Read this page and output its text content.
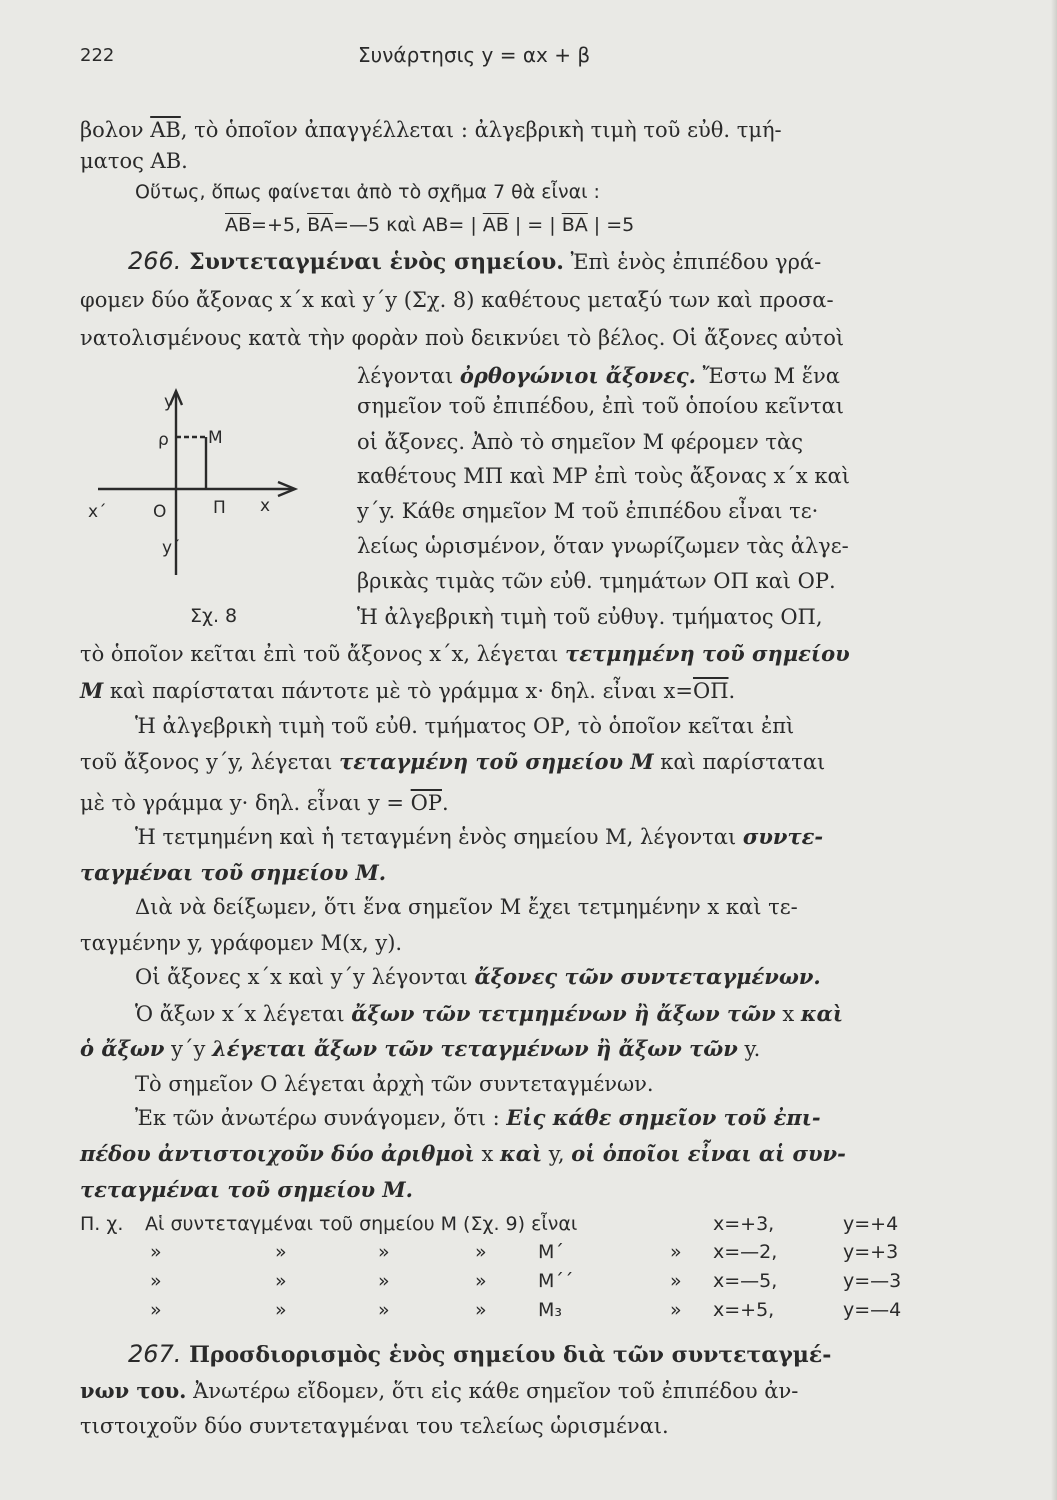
222	Συνάρτησις y = αx + β
βολον $\overline{AB}$, τὸ ὁποῖον ἀπαγγέλλεται : ἀλγεβρικὴ τιμὴ τοῦ εὐθ. τμή-
ματος ΑΒ.
Οὕτως, ὅπως φαίνεται ἀπὸ τὸ σχῆμα 7 θὰ εἶναι :
$\overline{AB}=+5$, $\overline{BA}=—5$ καὶ ΑΒ= | $\overline{AB}$ | = | $\overline{BA}$ | =5
266. Συντεταγμέναι ἑνὸς σημείου. Ἐπὶ ἑνὸς ἐπιπέδου γρά-
φομεν δύο ἄξονας x΄x καὶ y΄y (Σχ. 8) καθέτους μεταξύ των καὶ προσα-
νατολισμένους κατὰ τὴν φορὰν ποὺ δεικνύει τὸ βέλος. Οἱ ἄξονες αὐτοὶ
λέγονται ὀρθογώνιοι ἄξονες. Ἔστω Μ ἕνα
σημεῖον τοῦ ἐπιπέδου, ἐπὶ τοῦ ὁποίου κεῖνται
οἱ ἄξονες. Ἀπὸ τὸ σημεῖον Μ φέρομεν τὰς
καθέτους ΜΠ καὶ ΜΡ ἐπὶ τοὺς ἄξονας x΄x καὶ
y΄y. Κάθε σημεῖον Μ τοῦ ἐπιπέδου εἶναι τε·
λείως ὡρισμένον, ὅταν γνωρίζωμεν τὰς ἀλγε-
βρικὰς τιμὰς τῶν εὐθ. τμημάτων ΟΠ καὶ ΟΡ.
Ἡ ἀλγεβρικὴ τιμὴ τοῦ εὐθυγ. τμήματος ΟΠ,
y
ρ Μ
x΄	Ο	Π x
y΄
Σχ. 8
τὸ ὁποῖον κεῖται ἐπὶ τοῦ ἄξονος x΄x, λέγεται τετμημένη τοῦ σημείου
Μ καὶ παρίσταται πάντοτε μὲ τὸ γράμμα x· δηλ. εἶναι $x=\overline{O\Pi}$.
Ἡ ἀλγεβρικὴ τιμὴ τοῦ εὐθ. τμήματος ΟΡ, τὸ ὁποῖον κεῖται ἐπὶ
τοῦ ἄξονος y΄y, λέγεται τεταγμένη τοῦ σημείου Μ καὶ παρίσταται
μὲ τὸ γράμμα y· δηλ. εἶναι $y = \overline{OP}$.
Ἡ τετμημένη καὶ ἡ τεταγμένη ἑνὸς σημείου Μ, λέγονται συντε-
ταγμέναι τοῦ σημείου Μ.
Διὰ νὰ δείξωμεν, ὅτι ἕνα σημεῖον Μ ἔχει τετμημένην x καὶ τε-
ταγμένην y, γράφομεν Μ(x, y).
Οἱ ἄξονες x΄x καὶ y΄y λέγονται ἄξονες τῶν συντεταγμένων.
Ὁ ἄξων x΄x λέγεται ἄξων τῶν τετμημένων ἢ ἄξων τῶν x καὶ
ὁ ἄξων y΄y λέγεται ἄξων τῶν τεταγμένων ἢ ἄξων τῶν y.
Τὸ σημεῖον Ο λέγεται ἀρχὴ τῶν συντεταγμένων.
Ἐκ τῶν ἀνωτέρω συνάγομεν, ὅτι : Εἰς κάθε σημεῖον τοῦ ἐπι-
πέδου ἀντιστοιχοῦν δύο ἀριθμοὶ x καὶ y, οἱ ὁποῖοι εἶναι αἱ συν-
τεταγμέναι τοῦ σημείου Μ.
Π. χ. Αἱ συντεταγμέναι τοῦ σημείου Μ (Σχ. 9) εἶναι	x=+3,	y=+4
»	»	»	»	Μ΄	» x=—2,	y=+3
»	»	»	»	Μ΄΄	» x=—5,	y=—3
»	»	»	»	Μ₃	» x=+5,	y=—4
267. Προσδιορισμὸς ἑνὸς σημείου διὰ τῶν συντεταγμέ-
νων του. Ἀνωτέρω εἴδομεν, ὅτι εἰς κάθε σημεῖον τοῦ ἐπιπέδου ἀν-
τιστοιχοῦν δύο συντεταγμέναι του τελείως ὡρισμέναι.
